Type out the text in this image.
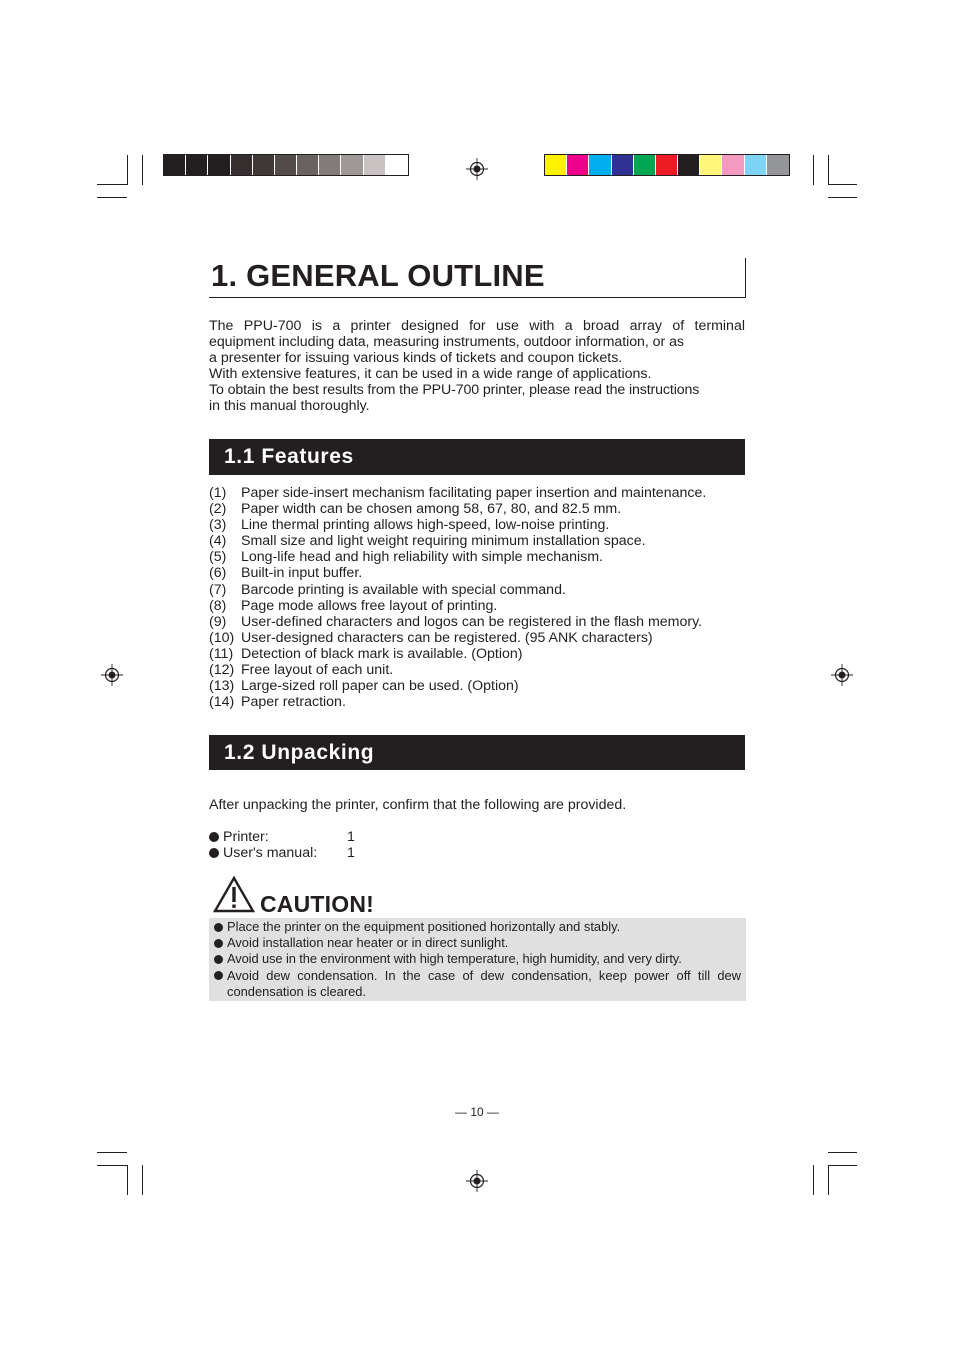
1. GENERAL OUTLINE
The PPU-700 is a printer designed for use with a broad array of terminal
equipment including data, measuring instruments, outdoor information, or as
a presenter for issuing various kinds of tickets and coupon tickets.
With extensive features, it can be used in a wide range of applications.
To obtain the best results from the PPU-700 printer, please read the instructions
in this manual thoroughly.
1.1 Features
(1)	Paper side-insert mechanism facilitating paper insertion and maintenance.
(2)	Paper width can be chosen among 58, 67, 80, and 82.5 mm.
(3)	Line thermal printing allows high-speed, low-noise printing.
(4)	Small size and light weight requiring minimum installation space.
(5)	Long-life head and high reliability with simple mechanism.
(6)	Built-in input buffer.
(7)	Barcode printing is available with special command.
(8)	Page mode allows free layout of printing.
(9)	User-defined characters and logos can be registered in the flash memory.
(10) User-designed characters can be registered. (95 ANK characters)
(11) Detection of black mark is available. (Option)
(12) Free layout of each unit.
(13) Large-sized roll paper can be used. (Option)
(14) Paper retraction.
1.2 Unpacking
After unpacking the printer, confirm that the following are provided.
Printer:	1
User's manual:	1
CAUTION!
Place the printer on the equipment positioned horizontally and stably.
Avoid installation near heater or in direct sunlight.
Avoid use in the environment with high temperature, high humidity, and very dirty.
Avoid dew condensation. In the case of dew condensation, keep power off till dew condensation is cleared.
— 10 —
